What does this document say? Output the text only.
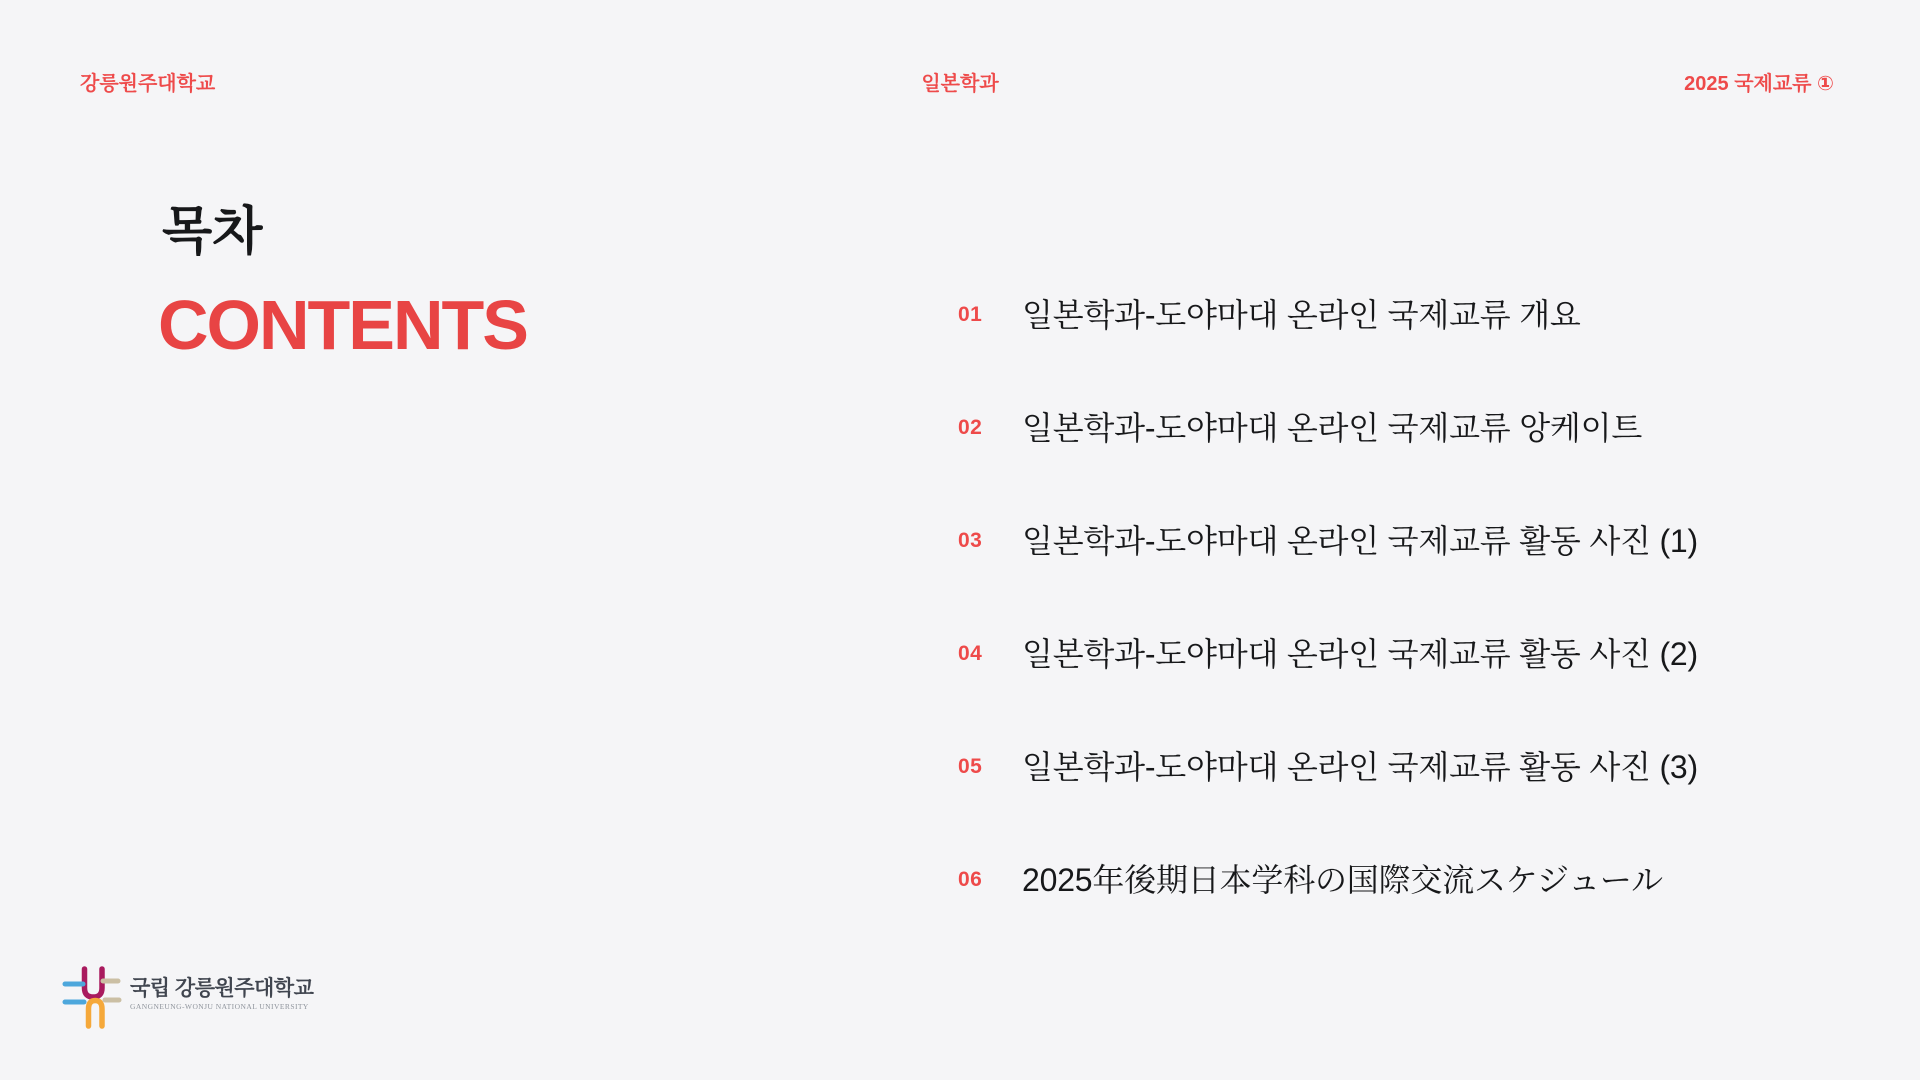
강릉원주대학교	일본학과	2025 국제교류 ①
목차
CONTENTS	01	일본학과-도야마대 온라인 국제교류 개요
02	일본학과-도야마대 온라인 국제교류 앙케이트
03	일본학과-도야마대 온라인 국제교류 활동 사진 (1)
04	일본학과-도야마대 온라인 국제교류 활동 사진 (2)
05	일본학과-도야마대 온라인 국제교류 활동 사진 (3)
06	2025年後期日本学科の国際交流スケジュール
국립 강릉원주대학교
GANGNEUNG-WONJU NATIONAL UNIVERSITY
